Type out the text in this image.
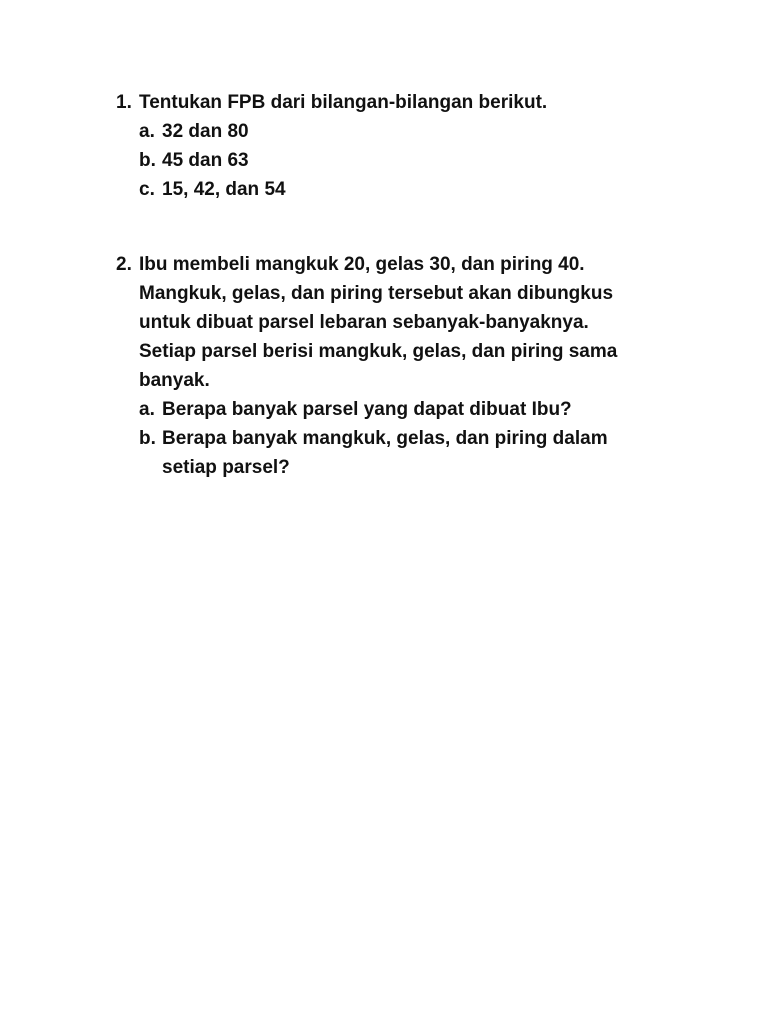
1. Tentukan FPB dari bilangan-bilangan berikut.
a. 32 dan 80
b. 45 dan 63
c. 15, 42, dan 54
2. Ibu membeli mangkuk 20, gelas 30, dan piring 40.
Mangkuk, gelas, dan piring tersebut akan dibungkus
untuk dibuat parsel lebaran sebanyak-banyaknya.
Setiap parsel berisi mangkuk, gelas, dan piring sama
banyak.
a. Berapa banyak parsel yang dapat dibuat Ibu?
b. Berapa banyak mangkuk, gelas, dan piring dalam
setiap parsel?
